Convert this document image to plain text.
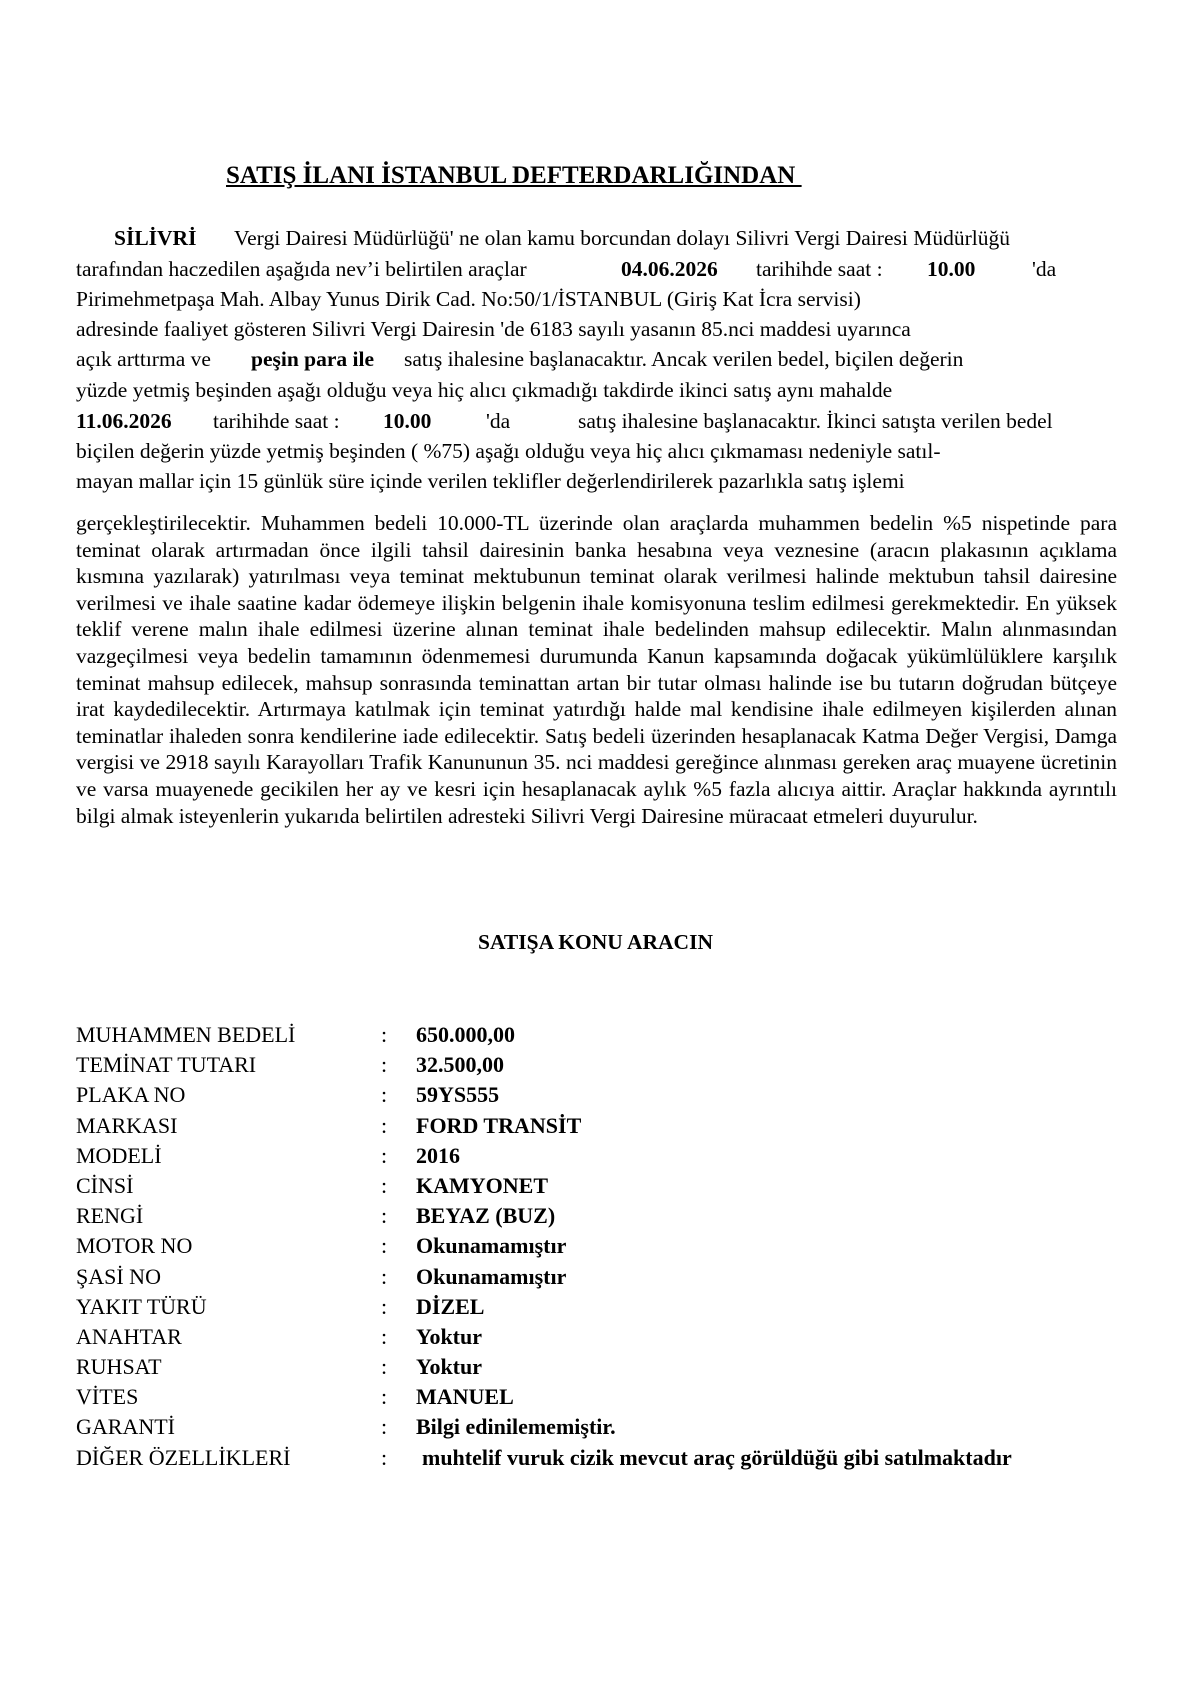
SATIŞ İLANI İSTANBUL DEFTERDARLIĞINDAN
SİLİVRİ Vergi Dairesi Müdürlüğü' ne olan kamu borcundan dolayı Silivri Vergi Dairesi Müdürlüğü
tarafından haczedilen aşağıda nev’i belirtilen araçlar	04.06.2026 tarihihde saat : 10.00	'da
Pirimehmetpaşa Mah. Albay Yunus Dirik Cad. No:50/1/İSTANBUL (Giriş Kat İcra servisi)
adresinde faaliyet gösteren Silivri Vergi Dairesin 'de 6183 sayılı yasanın 85.nci maddesi uyarınca
açık arttırma ve peşin para ile satış ihalesine başlanacaktır. Ancak verilen bedel, biçilen değerin
yüzde yetmiş beşinden aşağı olduğu veya hiç alıcı çıkmadığı takdirde ikinci satış aynı mahalde
11.06.2026 tarihihde saat : 10.00	'da	satış ihalesine başlanacaktır. İkinci satışta verilen bedel
biçilen değerin yüzde yetmiş beşinden ( %75) aşağı olduğu veya hiç alıcı çıkmaması nedeniyle satıl-
mayan mallar için 15 günlük süre içinde verilen teklifler değerlendirilerek pazarlıkla satış işlemi
gerçekleştirilecektir. Muhammen bedeli 10.000-TL üzerinde olan araçlarda muhammen bedelin %5 nispetinde para teminat olarak artırmadan önce ilgili tahsil dairesinin banka hesabına veya veznesine (aracın plakasının açıklama kısmına yazılarak) yatırılması veya teminat mektubunun teminat olarak verilmesi halinde mektubun tahsil dairesine verilmesi ve ihale saatine kadar ödemeye ilişkin belgenin ihale komisyonuna teslim edilmesi gerekmektedir. En yüksek teklif verene malın ihale edilmesi üzerine alınan teminat ihale bedelinden mahsup edilecektir. Malın alınmasından vazgeçilmesi veya bedelin tamamının ödenmemesi durumunda Kanun kapsamında doğacak yükümlülüklere karşılık teminat mahsup edilecek, mahsup sonrasında teminattan artan bir tutar olması halinde ise bu tutarın doğrudan bütçeye irat kaydedilecektir. Artırmaya katılmak için teminat yatırdığı halde mal kendisine ihale edilmeyen kişilerden alınan teminatlar ihaleden sonra kendilerine iade edilecektir. Satış bedeli üzerinden hesaplanacak Katma Değer Vergisi, Damga vergisi ve 2918 sayılı Karayolları Trafik Kanununun 35. nci maddesi gereğince alınması gereken araç muayene ücretinin ve varsa muayenede gecikilen her ay ve kesri için hesaplanacak aylık %5 fazla alıcıya aittir. Araçlar hakkında ayrıntılı bilgi almak isteyenlerin yukarıda belirtilen adresteki Silivri Vergi Dairesine müracaat etmeleri duyurulur.
SATIŞA KONU ARACIN
MUHAMMEN BEDELİ	: 650.000,00
TEMİNAT TUTARI	: 32.500,00
PLAKA NO	: 59YS555
MARKASI	: FORD TRANSİT
MODELİ	: 2016
CİNSİ	: KAMYONET
RENGİ	: BEYAZ (BUZ)
MOTOR NO	: Okunamamıştır
ŞASİ NO	: Okunamamıştır
YAKIT TÜRÜ	: DİZEL
ANAHTAR	: Yoktur
RUHSAT	: Yoktur
VİTES	: MANUEL
GARANTİ	: Bilgi edinilememiştir.
DİĞER ÖZELLİKLERİ	: muhtelif vuruk cizik mevcut araç görüldüğü gibi satılmaktadır
